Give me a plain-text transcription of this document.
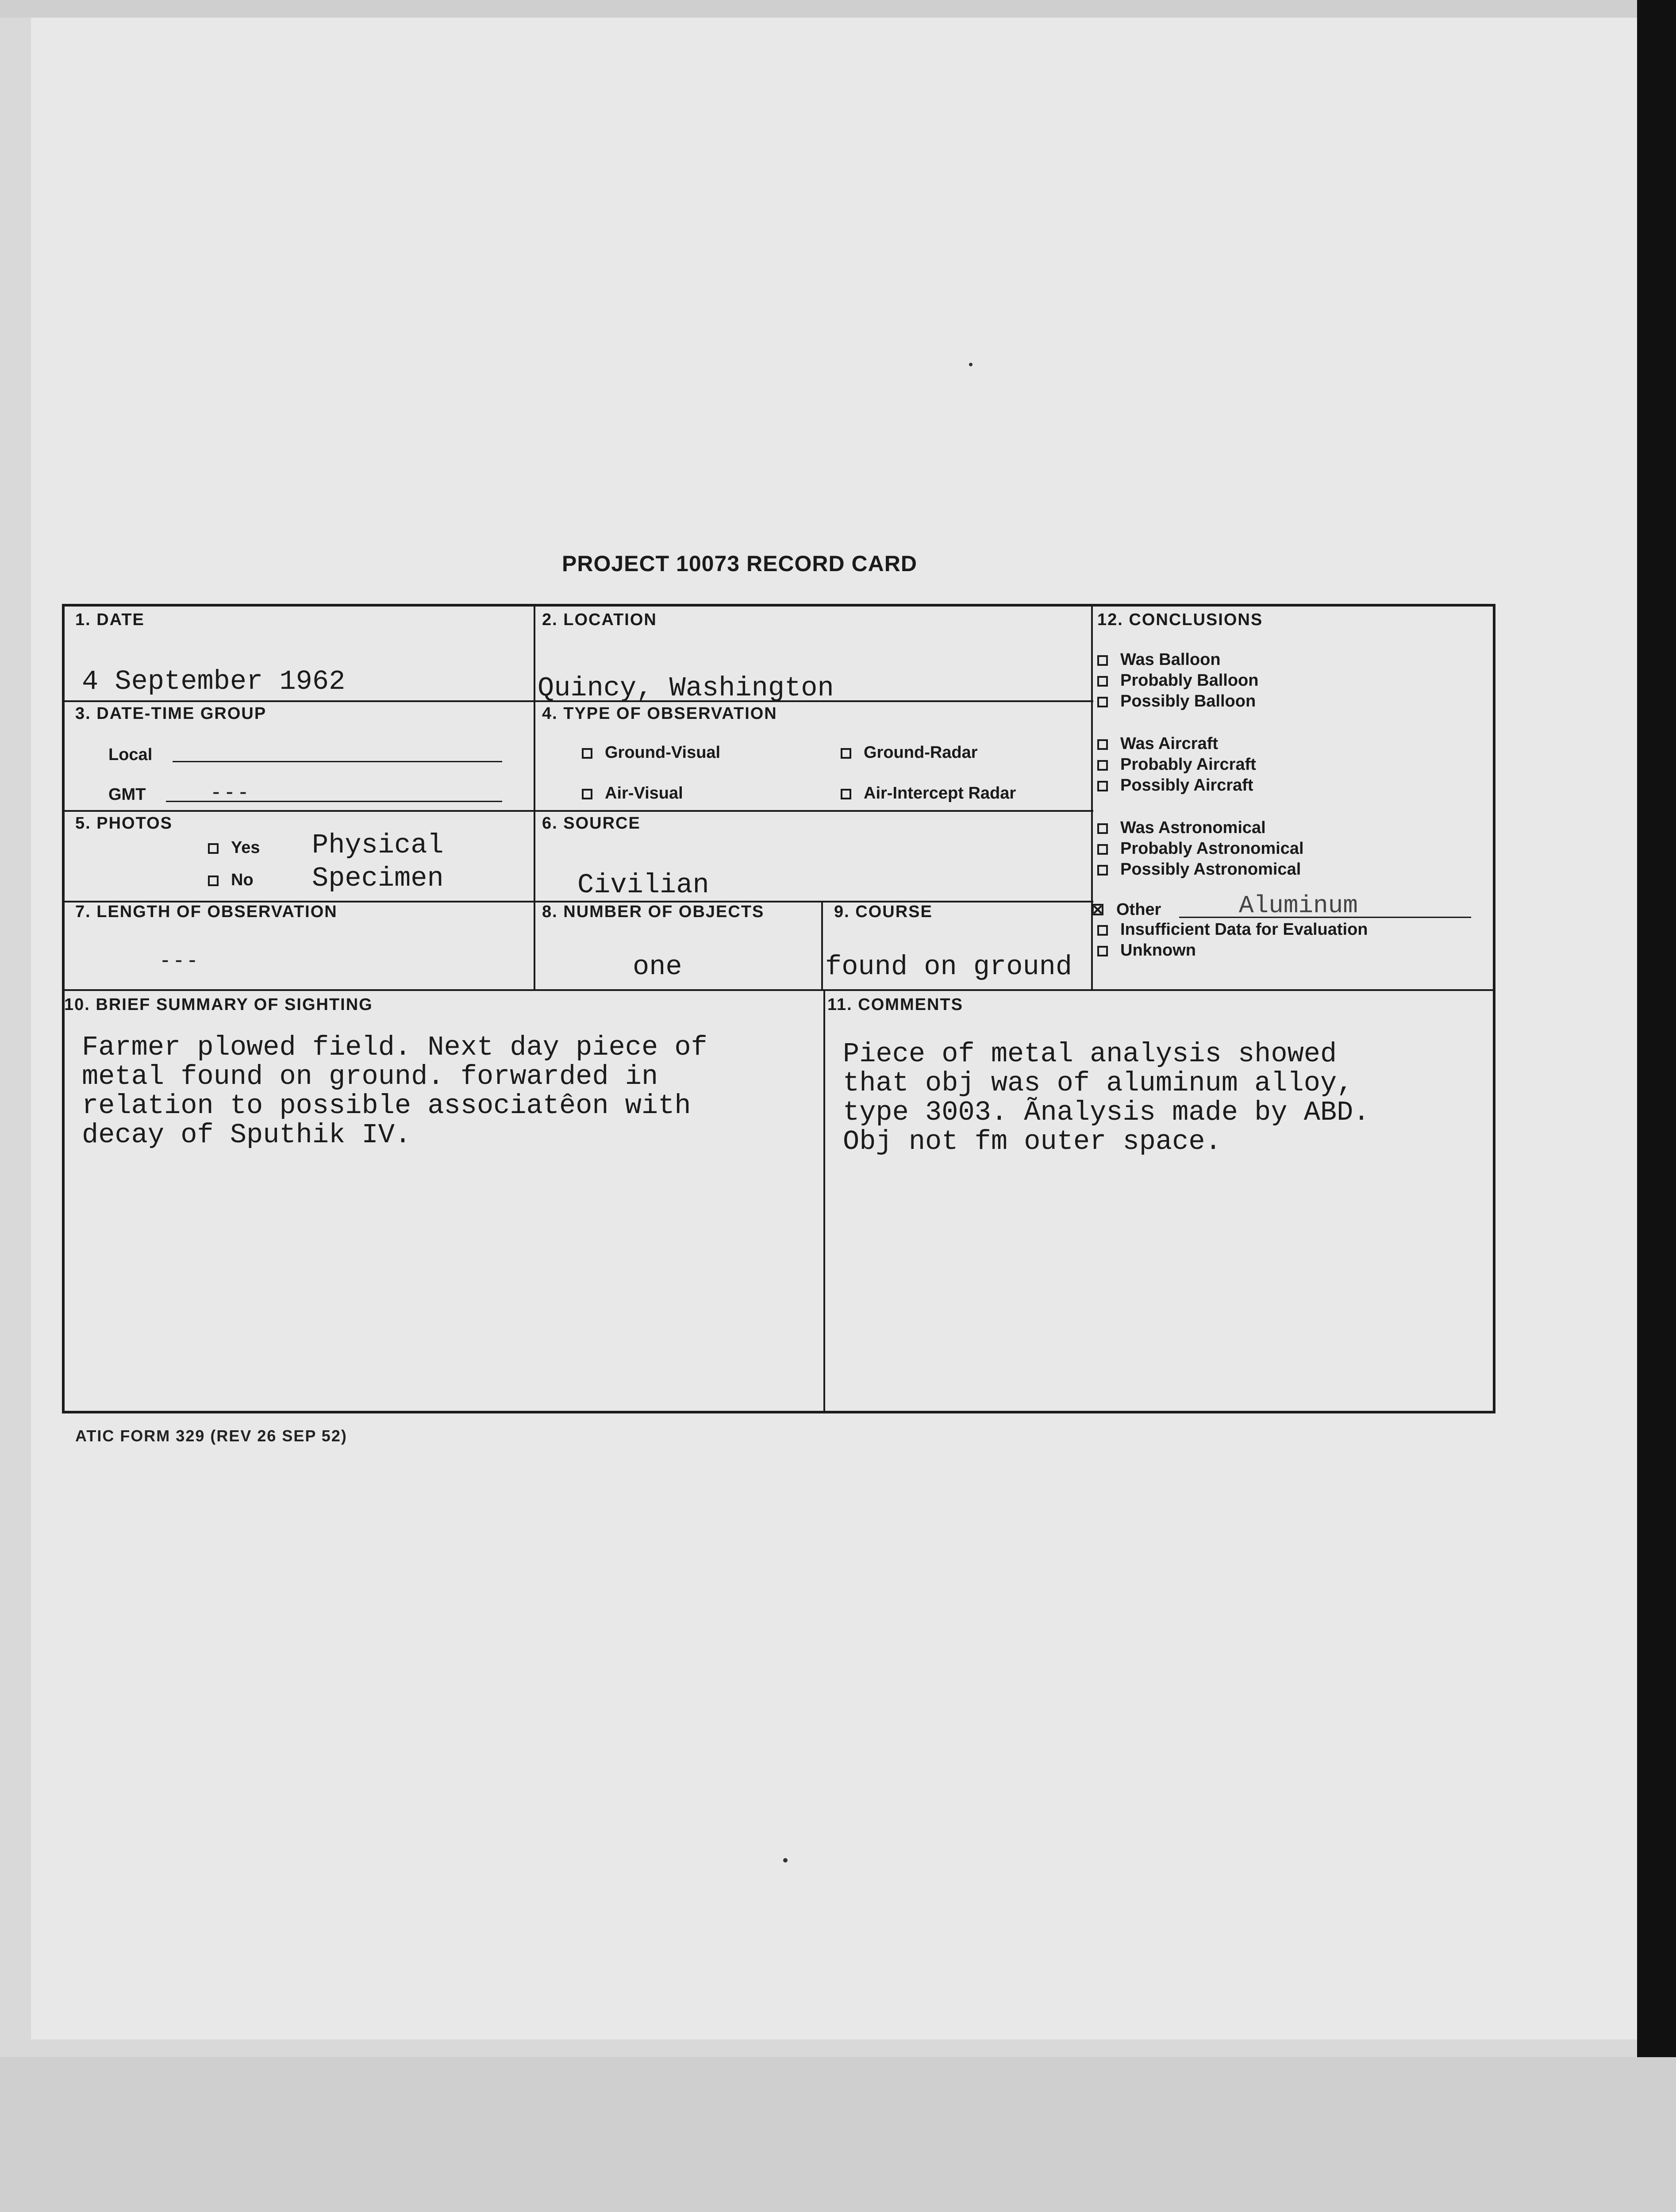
PROJECT 10073 RECORD CARD
1. DATE
4 September 1962
2. LOCATION
Quincy, Washington
3. DATE-TIME GROUP
Local
GMT	- - -
4. TYPE OF OBSERVATION
Ground-Visual	Ground-Radar
Air-Visual	Air-Intercept Radar
5. PHOTOS
Yes
No
Physical
Specimen
6. SOURCE
Civilian
7. LENGTH OF OBSERVATION
- - -
8. NUMBER OF OBJECTS
one
9. COURSE
found on ground
10. BRIEF SUMMARY OF SIGHTING
Farmer plowed field. Next day piece of
metal found on ground. forwarded in
relation to possible associatêon with
decay of Sputhik IV.
11. COMMENTS
Piece of metal analysis showed
that obj was of aluminum alloy,
type 3003. Ãnalysis made by ABD.
Obj not fm outer space.
12. CONCLUSIONS
Was Balloon
Probably Balloon
Possibly Balloon
Was Aircraft
Probably Aircraft
Possibly Aircraft
Was Astronomical
Probably Astronomical
Possibly Astronomical
⊠ Other	Aluminum
Insufficient Data for Evaluation
Unknown
ATIC FORM 329 (REV 26 SEP 52)
